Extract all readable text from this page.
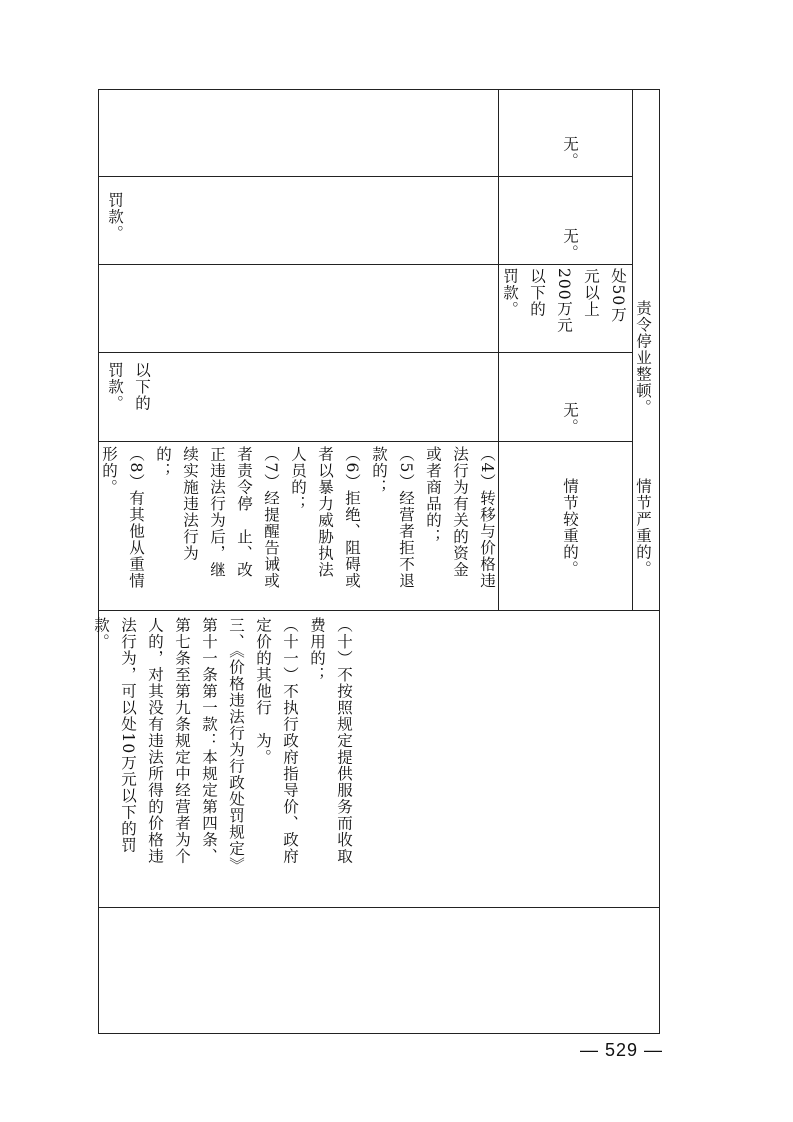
（十）不按照规定提供服务而收取
费用的；
（十一）不执行政府指导价、政府
定价的其他行　为。
三、《价格违法行为行政处罚规定》
第十一条第一款：本规定第四条、
第七条至第九条规定中经营者为个
人的，对其没有违法所得的价格违
法行为，可以处10万元以下的罚
款。
以下的
罚款。
（4）转移与价格违
法行为有关的资金
或者商品的；
（5）经营者拒不退
款的；
（6）拒绝、阻碍或
者以暴力威胁执法
人员的；
（7）经提醒告诫或
者责令停　止、改
正违法行为后，继
续实施违法行为
的；
（8）有其他从重情
形的。
罚款。
情节较重的。
无。
处50万
元以上
200万元
以下的
罚款。
无。
无。
情节严重的。
责令停业整顿。
— 529 —
